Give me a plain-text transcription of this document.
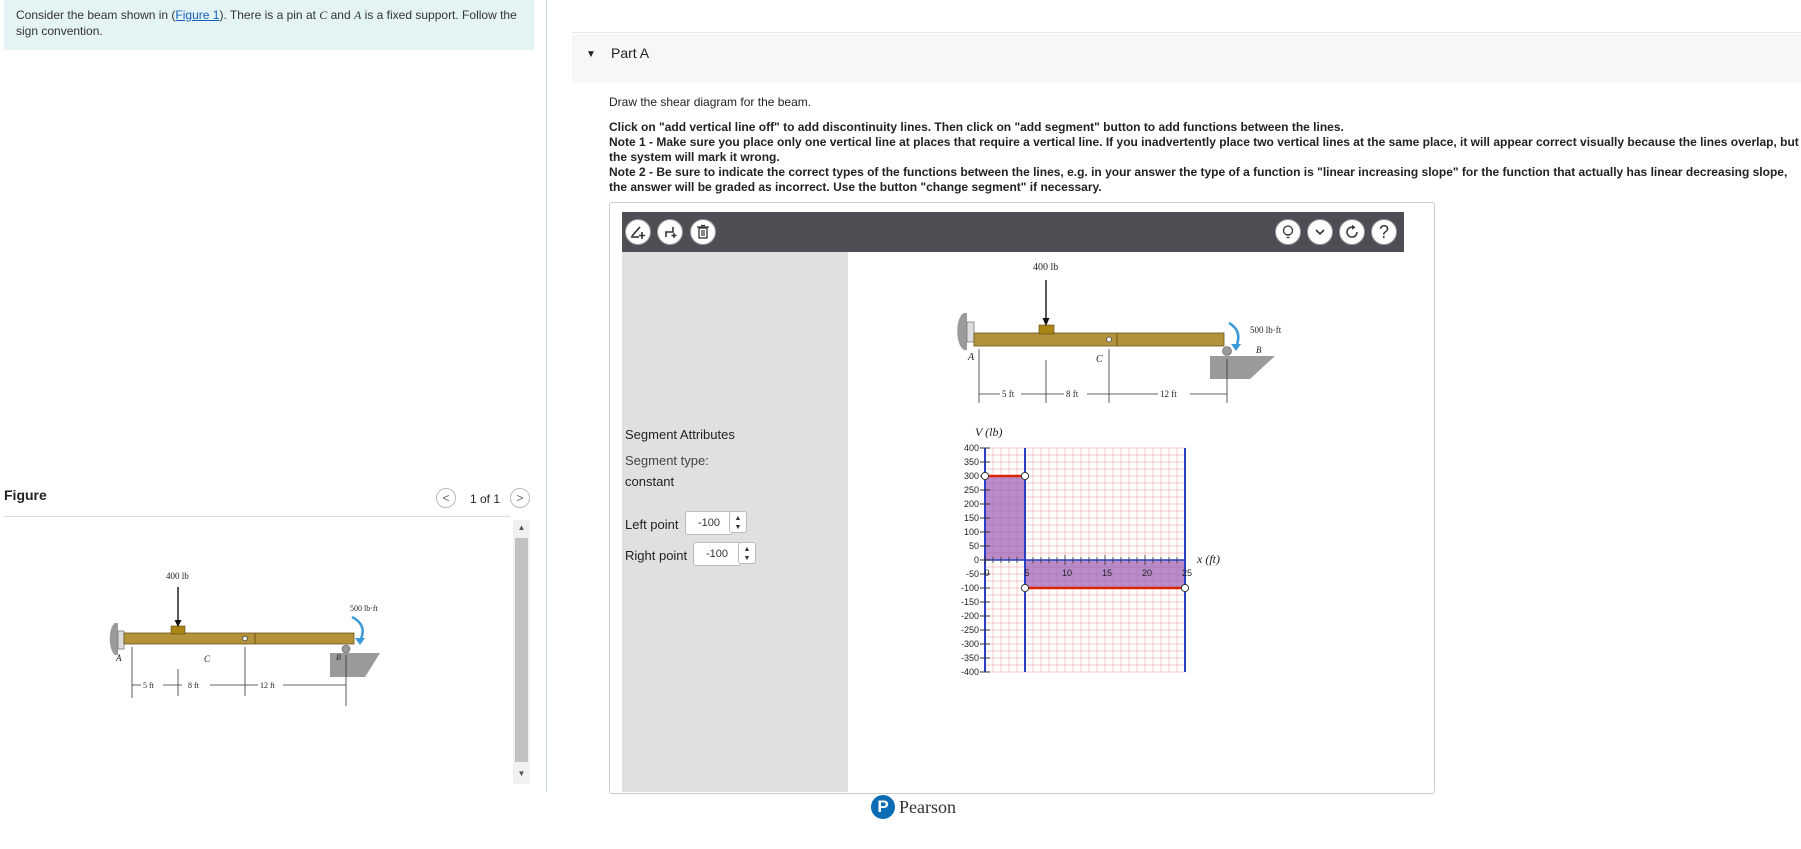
Consider the beam shown in (Figure 1). There is a pin at C and A is a fixed support. Follow the sign convention.
Figure	<	1 of 1	>
▲
▼
400 lb
500 lb·ft
A	C	B
5 ft	8 ft	12 ft
▼ Part A

Draw the shear diagram for the beam.

Click on "add vertical line off" to add discontinuity lines. Then click on "add segment" button to add functions between the lines.

Note 1 - Make sure you place only one vertical line at places that require a vertical line. If you inadvertently place two vertical lines at the same place, it will appear correct visually because the lines overlap, but the system will mark it wrong.

Note 2 - Be sure to indicate the correct types of the functions between the lines, e.g. in your answer the type of a function is "linear increasing slope" for the function that actually has linear decreasing slope, the answer will be graded as incorrect. Use the button "change segment" if necessary.

?
Segment Attributes
Segment type:
constant
Left point	-100	▲
▼
Right point	-100	▲
▼
400 lb
500 lb·ft
A	C
B
5 ft	8 ft	12 ft
400
350
300
250
200
150
100
50
0
-50
-100
-150
-200
-250
-300
-350
-400
0	5	10	15	20	25
V (lb)
x (ft)
P Pearson
